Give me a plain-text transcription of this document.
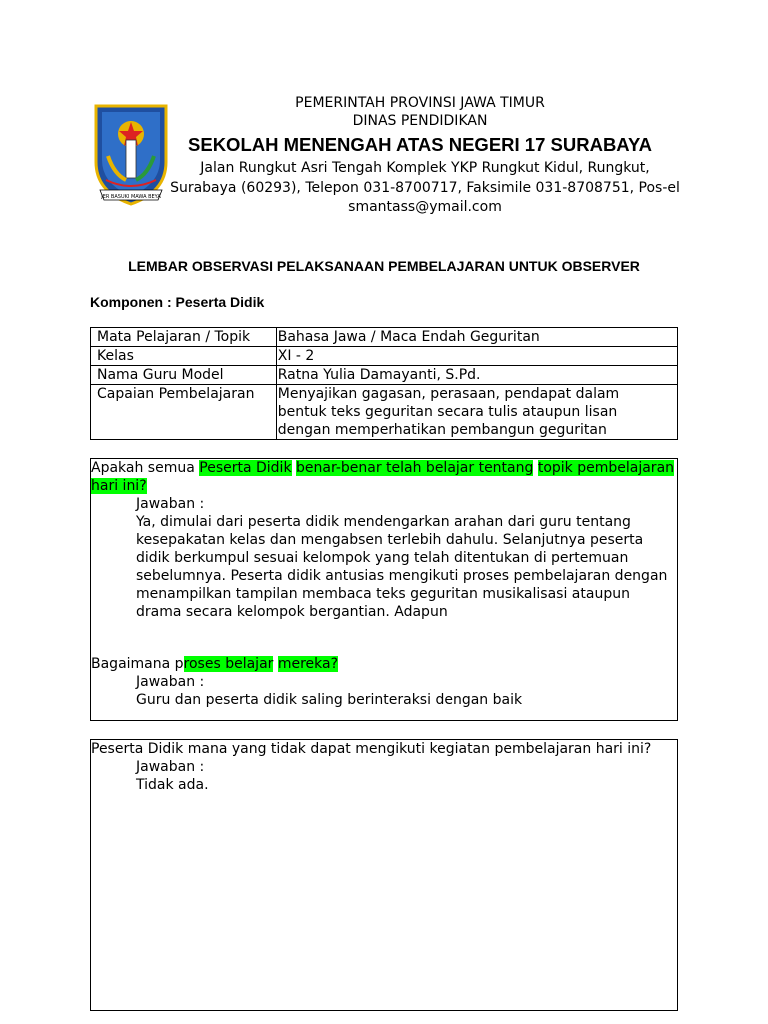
JER BASUKI MAWA BEYA
PEMERINTAH PROVINSI JAWA TIMUR
DINAS PENDIDIKAN
SEKOLAH MENENGAH ATAS NEGERI 17 SURABAYA
Jalan Rungkut Asri Tengah Komplek YKP Rungkut Kidul, Rungkut,
Surabaya (60293), Telepon 031-8700717, Faksimile 031-8708751, Pos-el
smantass@ymail.com
LEMBAR OBSERVASI PELAKSANAAN PEMBELAJARAN UNTUK OBSERVER
Komponen : Peserta Didik
Mata Pelajaran / Topik	Bahasa Jawa / Maca Endah Geguritan
Kelas	XI - 2
Nama Guru Model	Ratna Yulia Damayanti, S.Pd.
Capaian Pembelajaran	Menyajikan gagasan, perasaan, pendapat dalam bentuk teks geguritan secara tulis ataupun lisan dengan memperhatikan pembangun geguritan
Apakah semua Peserta Didik benar-benar telah belajar tentang topik pembelajaran hari ini?
Jawaban :
Ya, dimulai dari peserta didik mendengarkan arahan dari guru tentang kesepakatan kelas dan mengabsen terlebih dahulu. Selanjutnya peserta didik berkumpul sesuai kelompok yang telah ditentukan di pertemuan sebelumnya. Peserta didik antusias mengikuti proses pembelajaran dengan menampilkan tampilan membaca teks geguritan musikalisasi ataupun drama secara kelompok bergantian. Adapun
Bagaimana proses belajar mereka?
Jawaban :
Guru dan peserta didik saling berinteraksi dengan baik
Peserta Didik mana yang tidak dapat mengikuti kegiatan pembelajaran hari ini?
Jawaban :
Tidak ada.
